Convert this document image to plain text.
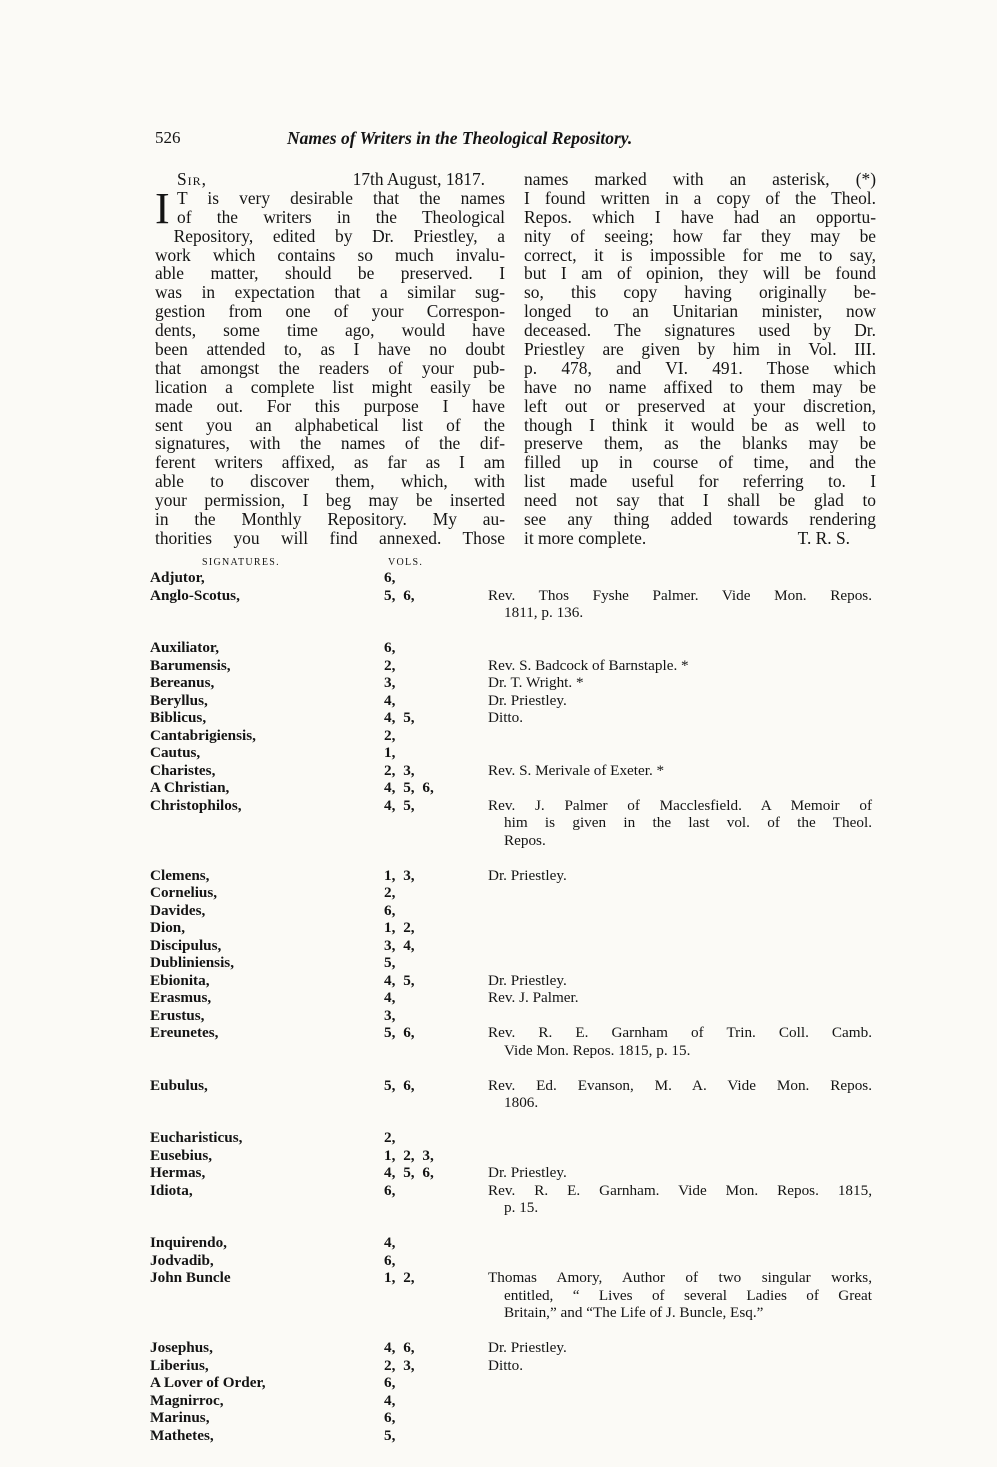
526	Names of Writers in the Theological Repository.
Sir,	17th August, 1817.
I T is very desirable that the names
of the writers in the Theological
Repository, edited by Dr. Priestley, a
work which contains so much invalu-
able matter, should be preserved. I
was in expectation that a similar sug-
gestion from one of your Correspon-
dents, some time ago, would have
been attended to, as I have no doubt
that amongst the readers of your pub-
lication a complete list might easily be
made out. For this purpose I have
sent you an alphabetical list of the
signatures, with the names of the dif-
ferent writers affixed, as far as I am
able to discover them, which, with
your permission, I beg may be inserted
in the Monthly Repository. My au-
thorities you will find annexed. Those
names marked with an asterisk, (*)
I found written in a copy of the Theol.
Repos. which I have had an opportu-
nity of seeing; how far they may be
correct, it is impossible for me to say,
but I am of opinion, they will be found
so, this copy having originally be-
longed to an Unitarian minister, now
deceased. The signatures used by Dr.
Priestley are given by him in Vol. III.
p. 478, and VI. 491. Those which
have no name affixed to them may be
left out or preserved at your discretion,
though I think it would be as well to
preserve them, as the blanks may be
filled up in course of time, and the
list made useful for referring to. I
need not say that I shall be glad to
see any thing added towards rendering
it more complete.	T. R. S.
SIGNATURES.	VOLS.
Adjutor,	6,
Anglo-Scotus,	5, 6,	Rev. Thos Fyshe Palmer. Vide Mon. Repos.
1811, p. 136.
Auxiliator,	6,
Barumensis,	2,	Rev. S. Badcock of Barnstaple. *
Bereanus,	3,	Dr. T. Wright. *
Beryllus,	4,	Dr. Priestley.
Biblicus,	4, 5,	Ditto.
Cantabrigiensis,	2,
Cautus,	1,
Charistes,	2, 3,	Rev. S. Merivale of Exeter. *
A Christian,	4, 5, 6,
Christophilos,	4, 5,	Rev. J. Palmer of Macclesfield. A Memoir of
him is given in the last vol. of the Theol.
Repos.
Clemens,	1, 3,	Dr. Priestley.
Cornelius,	2,
Davides,	6,
Dion,	1, 2,
Discipulus,	3, 4,
Dubliniensis,	5,
Ebionita,	4, 5,	Dr. Priestley.
Erasmus,	4,	Rev. J. Palmer.
Erustus,	3,
Ereunetes,	5, 6,	Rev. R. E. Garnham of Trin. Coll. Camb.
Vide Mon. Repos. 1815, p. 15.
Eubulus,	5, 6,	Rev. Ed. Evanson, M. A. Vide Mon. Repos.
1806.
Eucharisticus,	2,
Eusebius,	1, 2, 3,
Hermas,	4, 5, 6,	Dr. Priestley.
Idiota,	6,	Rev. R. E. Garnham. Vide Mon. Repos. 1815,
p. 15.
Inquirendo,	4,
Jodvadib,	6,
John Buncle	1, 2,	Thomas Amory, Author of two singular works,
entitled, “ Lives of several Ladies of Great
Britain,” and “The Life of J. Buncle, Esq.”
Josephus,	4, 6,	Dr. Priestley.
Liberius,	2, 3,	Ditto.
A Lover of Order,	6,
Magnirroc,	4,
Marinus,	6,
Mathetes,	5,
